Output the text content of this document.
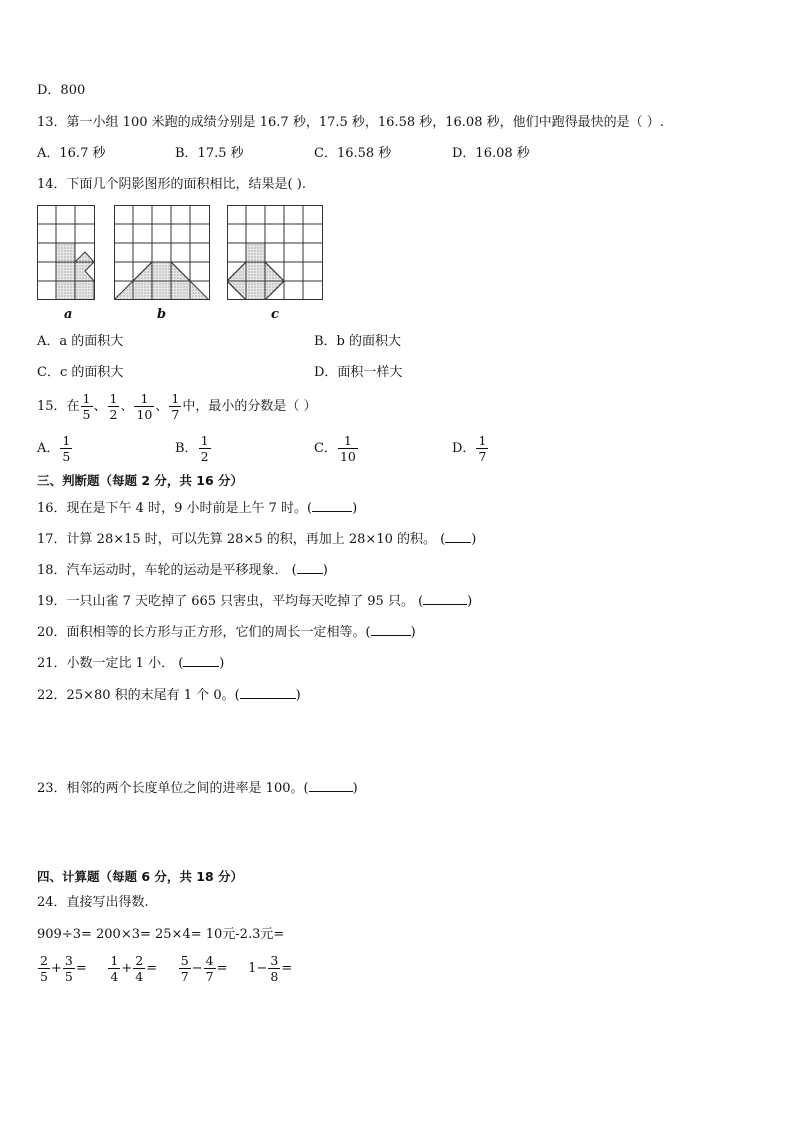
D．800
13．第一小组 100 米跑的成绩分别是 16.7 秒，17.5 秒，16.58 秒，16.08 秒，他们中跑得最快的是（ ）.
A．16.7 秒	B．17.5 秒	C．16.58 秒	D．16.08 秒
14．下面几个阴影图形的面积相比，结果是( ).
a	b	c
A．a 的面积大	B．b 的面积大
C．c 的面积大	D．面积一样大
15．在 $\frac{1}{5}$ 、 $\frac{1}{2}$ 、 $\frac{1}{10}$ 、 $\frac{1}{7}$ 中，最小的分数是（ ）
A． $\frac{1}{5}$	B． $\frac{1}{2}$	C． $\frac{1}{10}$	D． $\frac{1}{7}$
三、判断题（每题 2 分，共 16 分）
16．现在是下午 4 时，9 小时前是上午 7 时。(	)
17．计算 28×15 时，可以先算 28×5 的积，再加上 28×10 的积。 ( )
18．汽车运动时，车轮的运动是平移现象． ( )
19．一只山雀 7 天吃掉了 665 只害虫，平均每天吃掉了 95 只。 (	)
20．面积相等的长方形与正方形，它们的周长一定相等。(	)
21．小数一定比 1 小． (	)
22．25×80 积的末尾有 1 个 0。(	)
23．相邻的两个长度单位之间的进率是 100。(	)
四、计算题（每题 6 分，共 18 分）
24．直接写出得数.
909÷3= 200×3= 25×4= 10元-2.3元=
$\frac{2}{5} + \frac{3}{5} = \frac{1}{4} + \frac{2}{4} = \frac{5}{7} - \frac{4}{7} = 1- \frac{3}{8}$ =
